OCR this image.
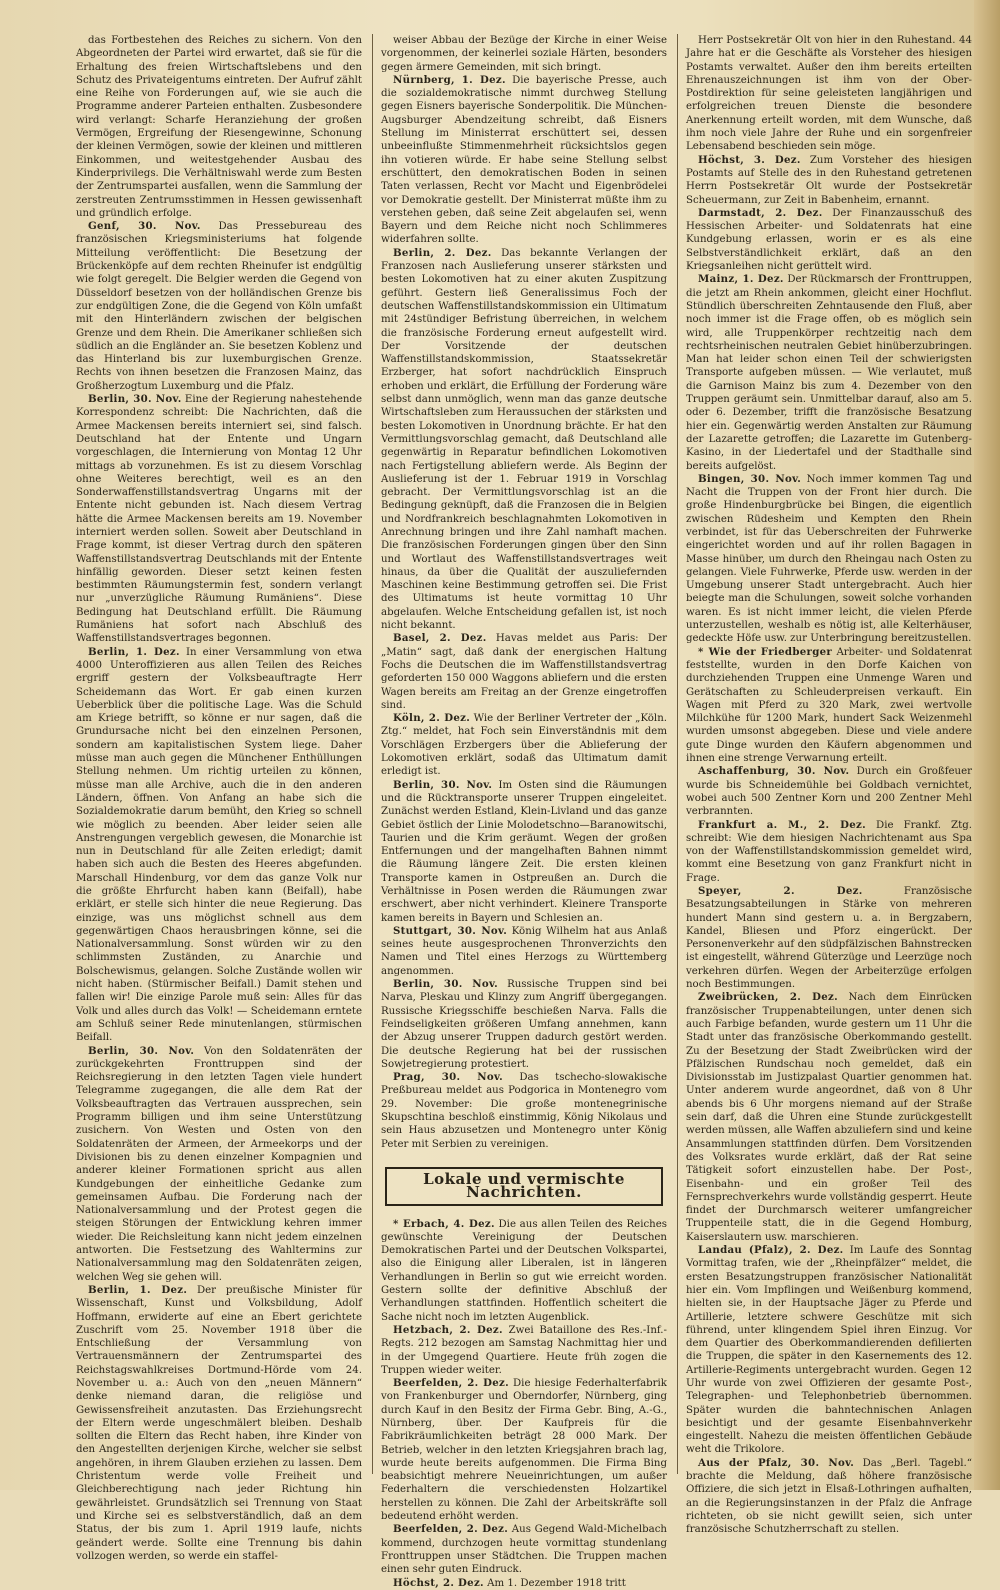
das Fortbestehen des Reiches zu sichern. Von den Abgeordneten der Partei wird erwartet, daß sie für die Erhaltung des freien Wirtschaftslebens und den Schutz des Privateigentums eintreten. Der Aufruf zählt eine Reihe von Forderungen auf, wie sie auch die Programme anderer Parteien enthalten. Zusbesondere wird verlangt: Scharfe Heranziehung der großen Vermögen, Ergreifung der Riesengewinne, Schonung der kleinen Vermögen, sowie der kleinen und mittleren Einkommen, und weitestgehender Ausbau des Kinderprivilegs. Die Verhältniswahl werde zum Besten der Zentrumspartei ausfallen, wenn die Sammlung der zerstreuten Zentrumsstimmen in Hessen gewissenhaft und gründlich erfolge.

Genf, 30. Nov. Das Pressebureau des französischen Kriegsministeriums hat folgende Mitteilung veröffentlicht: Die Besetzung der Brückenköpfe auf dem rechten Rheinufer ist endgültig wie folgt geregelt. Die Belgier werden die Gegend von Düsseldorf besetzen von der holländischen Grenze bis zur endgültigen Zone, die die Gegend von Köln umfaßt mit den Hinterländern zwischen der belgischen Grenze und dem Rhein. Die Amerikaner schließen sich südlich an die Engländer an. Sie besetzen Koblenz und das Hinterland bis zur luxemburgischen Grenze. Rechts von ihnen besetzen die Franzosen Mainz, das Großherzogtum Luxemburg und die Pfalz.

Berlin, 30. Nov. Eine der Regierung nahestehende Korrespondenz schreibt: Die Nachrichten, daß die Armee Mackensen bereits interniert sei, sind falsch. Deutschland hat der Entente und Ungarn vorgeschlagen, die Internierung von Montag 12 Uhr mittags ab vorzunehmen. Es ist zu diesem Vorschlag ohne Weiteres berechtigt, weil es an den Sonderwaffenstillstandsvertrag Ungarns mit der Entente nicht gebunden ist. Nach diesem Vertrag hätte die Armee Mackensen bereits am 19. November interniert werden sollen. Soweit aber Deutschland in Frage kommt, ist dieser Vertrag durch den späteren Waffenstillstandsvertrag Deutschlands mit der Entente hinfällig geworden. Dieser setzt keinen festen bestimmten Räumungstermin fest, sondern verlangt nur „unverzügliche Räumung Rumäniens“. Diese Bedingung hat Deutschland erfüllt. Die Räumung Rumäniens hat sofort nach Abschluß des Waffenstillstandsvertrages begonnen.

Berlin, 1. Dez. In einer Versammlung von etwa 4000 Unteroffizieren aus allen Teilen des Reiches ergriff gestern der Volksbeauftragte Herr Scheidemann das Wort. Er gab einen kurzen Ueberblick über die politische Lage. Was die Schuld am Kriege betrifft, so könne er nur sagen, daß die Grundursache nicht bei den einzelnen Personen, sondern am kapitalistischen System liege. Daher müsse man auch gegen die Münchener Enthüllungen Stellung nehmen. Um richtig urteilen zu können, müsse man alle Archive, auch die in den anderen Ländern, öffnen. Von Anfang an habe sich die Sozialdemokratie darum bemüht, den Krieg so schnell wie möglich zu beenden. Aber leider seien alle Anstrengungen vergeblich gewesen, die Monarchie ist nun in Deutschland für alle Zeiten erledigt; damit haben sich auch die Besten des Heeres abgefunden. Marschall Hindenburg, vor dem das ganze Volk nur die größte Ehrfurcht haben kann (Beifall), habe erklärt, er stelle sich hinter die neue Regierung. Das einzige, was uns möglichst schnell aus dem gegenwärtigen Chaos herausbringen könne, sei die Nationalversammlung. Sonst würden wir zu den schlimmsten Zuständen, zu Anarchie und Bolschewismus, gelangen. Solche Zustände wollen wir nicht haben. (Stürmischer Beifall.) Damit stehen und fallen wir! Die einzige Parole muß sein: Alles für das Volk und alles durch das Volk! — Scheidemann erntete am Schluß seiner Rede minutenlangen, stürmischen Beifall.

Berlin, 30. Nov. Von den Soldatenräten der zurückgekehrten Fronttruppen sind der Reichsregierung in den letzten Tagen viele hundert Telegramme zugegangen, die alle dem Rat der Volksbeauftragten das Vertrauen aussprechen, sein Programm billigen und ihm seine Unterstützung zusichern. Von Westen und Osten von den Soldatenräten der Armeen, der Armeekorps und der Divisionen bis zu denen einzelner Kompagnien und anderer kleiner Formationen spricht aus allen Kundgebungen der einheitliche Gedanke zum gemeinsamen Aufbau. Die Forderung nach der Nationalversammlung und der Protest gegen die steigen Störungen der Entwicklung kehren immer wieder. Die Reichsleitung kann nicht jedem einzelnen antworten. Die Festsetzung des Wahltermins zur Nationalversammlung mag den Soldatenräten zeigen, welchen Weg sie gehen will.

Berlin, 1. Dez. Der preußische Minister für Wissenschaft, Kunst und Volksbildung, Adolf Hoffmann, erwiderte auf eine an Ebert gerichtete Zuschrift vom 25. November 1918 über die Entschließung der Versammlung von Vertrauensmännern der Zentrumspartei des Reichstagswahlkreises Dortmund-Hörde vom 24. November u. a.: Auch von den „neuen Männern“ denke niemand daran, die religiöse und Gewissensfreiheit anzutasten. Das Erziehungsrecht der Eltern werde ungeschmälert bleiben. Deshalb sollten die Eltern das Recht haben, ihre Kinder von den Angestellten derjenigen Kirche, welcher sie selbst angehören, in ihrem Glauben erziehen zu lassen. Dem Christentum werde volle Freiheit und Gleichberechtigung nach jeder Richtung hin gewährleistet. Grundsätzlich sei Trennung von Staat und Kirche sei es selbstverständlich, daß an dem Status, der bis zum 1. April 1919 laufe, nichts geändert werde. Sollte eine Trennung bis dahin vollzogen werden, so werde ein staffel-

weiser Abbau der Bezüge der Kirche in einer Weise vorgenommen, der keinerlei soziale Härten, besonders gegen ärmere Gemeinden, mit sich bringt.

Nürnberg, 1. Dez. Die bayerische Presse, auch die sozialdemokratische nimmt durchweg Stellung gegen Eisners bayerische Sonderpolitik. Die München-Augsburger Abendzeitung schreibt, daß Eisners Stellung im Ministerrat erschüttert sei, dessen unbeeinflußte Stimmenmehrheit rücksichtslos gegen ihn votieren würde. Er habe seine Stellung selbst erschüttert, den demokratischen Boden in seinen Taten verlassen, Recht vor Macht und Eigenbrödelei vor Demokratie gestellt. Der Ministerrat müßte ihm zu verstehen geben, daß seine Zeit abgelaufen sei, wenn Bayern und dem Reiche nicht noch Schlimmeres widerfahren sollte.

Berlin, 2. Dez. Das bekannte Verlangen der Franzosen nach Auslieferung unserer stärksten und besten Lokomotiven hat zu einer akuten Zuspitzung geführt. Gestern ließ Generalissimus Foch der deutschen Waffenstillstandskommission ein Ultimatum mit 24stündiger Befristung überreichen, in welchem die französische Forderung erneut aufgestellt wird. Der Vorsitzende der deutschen Waffenstillstandskommission, Staatssekretär Erzberger, hat sofort nachdrücklich Einspruch erhoben und erklärt, die Erfüllung der Forderung wäre selbst dann unmöglich, wenn man das ganze deutsche Wirtschaftsleben zum Heraussuchen der stärksten und besten Lokomotiven in Unordnung brächte. Er hat den Vermittlungsvorschlag gemacht, daß Deutschland alle gegenwärtig in Reparatur befindlichen Lokomotiven nach Fertigstellung abliefern werde. Als Beginn der Auslieferung ist der 1. Februar 1919 in Vorschlag gebracht. Der Vermittlungsvorschlag ist an die Bedingung geknüpft, daß die Franzosen die in Belgien und Nordfrankreich beschlagnahmten Lokomotiven in Anrechnung bringen und ihre Zahl namhaft machen. Die französischen Forderungen gingen über den Sinn und Wortlaut des Waffenstillstandsvertrages weit hinaus, da über die Qualität der auszuliefernden Maschinen keine Bestimmung getroffen sei. Die Frist des Ultimatums ist heute vormittag 10 Uhr abgelaufen. Welche Entscheidung gefallen ist, ist noch nicht bekannt.

Basel, 2. Dez. Havas meldet aus Paris: Der „Matin“ sagt, daß dank der energischen Haltung Fochs die Deutschen die im Waffenstillstandsvertrag geforderten 150 000 Waggons abliefern und die ersten Wagen bereits am Freitag an der Grenze eingetroffen sind.

Köln, 2. Dez. Wie der Berliner Vertreter der „Köln. Ztg.“ meldet, hat Foch sein Einverständnis mit dem Vorschlägen Erzbergers über die Ablieferung der Lokomotiven erklärt, sodaß das Ultimatum damit erledigt ist.

Berlin, 30. Nov. Im Osten sind die Räumungen und die Rücktransporte unserer Truppen eingeleitet. Zunächst werden Estland, Klein-Livland und das ganze Gebiet östlich der Linie Molodetschno—Baranowitschi, Taurien und die Krim geräumt. Wegen der großen Entfernungen und der mangelhaften Bahnen nimmt die Räumung längere Zeit. Die ersten kleinen Transporte kamen in Ostpreußen an. Durch die Verhältnisse in Posen werden die Räumungen zwar erschwert, aber nicht verhindert. Kleinere Transporte kamen bereits in Bayern und Schlesien an.

Stuttgart, 30. Nov. König Wilhelm hat aus Anlaß seines heute ausgesprochenen Thronverzichts den Namen und Titel eines Herzogs zu Württemberg angenommen.

Berlin, 30. Nov. Russische Truppen sind bei Narva, Pleskau und Klinzy zum Angriff übergegangen. Russische Kriegsschiffe beschießen Narva. Falls die Feindseligkeiten größeren Umfang annehmen, kann der Abzug unserer Truppen dadurch gestört werden. Die deutsche Regierung hat bei der russischen Sowjetregierung protestiert.

Prag, 30. Nov. Das tschecho-slowakische Preßbureau meldet aus Podgorica in Montenegro vom 29. November: Die große montenegrinische Skupschtina beschloß einstimmig, König Nikolaus und sein Haus abzusetzen und Montenegro unter König Peter mit Serbien zu vereinigen.

Lokale und vermischte Nachrichten.

* Erbach, 4. Dez. Die aus allen Teilen des Reiches gewünschte Vereinigung der Deutschen Demokratischen Partei und der Deutschen Volkspartei, also die Einigung aller Liberalen, ist in längeren Verhandlungen in Berlin so gut wie erreicht worden. Gestern sollte der definitive Abschluß der Verhandlungen stattfinden. Hoffentlich scheitert die Sache nicht noch im letzten Augenblick.

Hetzbach, 2. Dez. Zwei Bataillone des Res.-Inf.-Regts. 212 bezogen am Samstag Nachmittag hier und in der Umgegend Quartiere. Heute früh zogen die Truppen wieder weiter.

Beerfelden, 2. Dez. Die hiesige Federhalterfabrik von Frankenburger und Oberndorfer, Nürnberg, ging durch Kauf in den Besitz der Firma Gebr. Bing, A.-G., Nürnberg, über. Der Kaufpreis für die Fabrikräumlichkeiten beträgt 28 000 Mark. Der Betrieb, welcher in den letzten Kriegsjahren brach lag, wurde heute bereits aufgenommen. Die Firma Bing beabsichtigt mehrere Neueinrichtungen, um außer Federhaltern die verschiedensten Holzartikel herstellen zu können. Die Zahl der Arbeitskräfte soll bedeutend erhöht werden.

Beerfelden, 2. Dez. Aus Gegend Wald-Michelbach kommend, durchzogen heute vormittag stundenlang Fronttruppen unser Städtchen. Die Truppen machen einen sehr guten Eindruck.

Höchst, 2. Dez. Am 1. Dezember 1918 tritt

Herr Postsekretär Olt von hier in den Ruhestand. 44 Jahre hat er die Geschäfte als Vorsteher des hiesigen Postamts verwaltet. Außer den ihm bereits erteilten Ehrenauszeichnungen ist ihm von der Ober-Postdirektion für seine geleisteten langjährigen und erfolgreichen treuen Dienste die besondere Anerkennung erteilt worden, mit dem Wunsche, daß ihm noch viele Jahre der Ruhe und ein sorgenfreier Lebensabend beschieden sein möge.

Höchst, 3. Dez. Zum Vorsteher des hiesigen Postamts auf Stelle des in den Ruhestand getretenen Herrn Postsekretär Olt wurde der Postsekretär Scheuermann, zur Zeit in Babenheim, ernannt.

Darmstadt, 2. Dez. Der Finanzausschuß des Hessischen Arbeiter- und Soldatenrats hat eine Kundgebung erlassen, worin er es als eine Selbstverständlichkeit erklärt, daß an den Kriegsanleihen nicht gerüttelt wird.

Mainz, 1. Dez. Der Rückmarsch der Fronttruppen, die jetzt am Rhein ankommen, gleicht einer Hochflut. Stündlich überschreiten Zehntausende den Fluß, aber noch immer ist die Frage offen, ob es möglich sein wird, alle Truppenkörper rechtzeitig nach dem rechtsrheinischen neutralen Gebiet hinüberzubringen. Man hat leider schon einen Teil der schwierigsten Transporte aufgeben müssen. — Wie verlautet, muß die Garnison Mainz bis zum 4. Dezember von den Truppen geräumt sein. Unmittelbar darauf, also am 5. oder 6. Dezember, trifft die französische Besatzung hier ein. Gegenwärtig werden Anstalten zur Räumung der Lazarette getroffen; die Lazarette im Gutenberg-Kasino, in der Liedertafel und der Stadthalle sind bereits aufgelöst.

Bingen, 30. Nov. Noch immer kommen Tag und Nacht die Truppen von der Front hier durch. Die große Hindenburgbrücke bei Bingen, die eigentlich zwischen Rüdesheim und Kempten den Rhein verbindet, ist für das Ueberschreiten der Fuhrwerke eingerichtet worden und auf ihr rollen Bagagen in Masse hinüber, um durch den Rheingau nach Osten zu gelangen. Viele Fuhrwerke, Pferde usw. werden in der Umgebung unserer Stadt untergebracht. Auch hier beiegte man die Schulungen, soweit solche vorhanden waren. Es ist nicht immer leicht, die vielen Pferde unterzustellen, weshalb es nötig ist, alle Kelterhäuser, gedeckte Höfe usw. zur Unterbringung bereitzustellen.

* Wie der Friedberger Arbeiter- und Soldatenrat feststellte, wurden in den Dorfe Kaichen von durchziehenden Truppen eine Unmenge Waren und Gerätschaften zu Schleuderpreisen verkauft. Ein Wagen mit Pferd zu 320 Mark, zwei wertvolle Milchkühe für 1200 Mark, hundert Sack Weizenmehl wurden umsonst abgegeben. Diese und viele andere gute Dinge wurden den Käufern abgenommen und ihnen eine strenge Verwarnung erteilt.

Aschaffenburg, 30. Nov. Durch ein Großfeuer wurde bis Schneidemühle bei Goldbach vernichtet, wobei auch 500 Zentner Korn und 200 Zentner Mehl verbrannten.

Frankfurt a. M., 2. Dez. Die Frankf. Ztg. schreibt: Wie dem hiesigen Nachrichtenamt aus Spa von der Waffenstillstandskommission gemeldet wird, kommt eine Besetzung von ganz Frankfurt nicht in Frage.

Speyer, 2. Dez.	Französische Besatzungsabteilungen in Stärke von mehreren hundert Mann sind gestern u. a. in Bergzabern, Kandel, Bliesen und Pforz eingerückt. Der Personenverkehr auf den südpfälzischen Bahnstrecken ist eingestellt, während Güterzüge und Leerzüge noch verkehren dürfen. Wegen der Arbeiterzüge erfolgen noch Bestimmungen.

Zweibrücken, 2. Dez. Nach dem Einrücken französischer Truppenabteilungen, unter denen sich auch Farbige befanden, wurde gestern um 11 Uhr die Stadt unter das französische Oberkommando gestellt. Zu der Besetzung der Stadt Zweibrücken wird der Pfälzischen Rundschau noch gemeldet, daß ein Divisionsstab im Justizpalast Quartier genommen hat. Unter anderem wurde angeordnet, daß von 8 Uhr abends bis 6 Uhr morgens niemand auf der Straße sein darf, daß die Uhren eine Stunde zurückgestellt werden müssen, alle Waffen abzuliefern sind und keine Ansammlungen stattfinden dürfen. Dem Vorsitzenden des Volksrates wurde erklärt, daß der Rat seine Tätigkeit sofort einzustellen habe. Der Post-, Eisenbahn- und ein großer Teil des Fernsprechverkehrs wurde vollständig gesperrt. Heute findet der Durchmarsch weiterer umfangreicher Truppenteile statt, die in die Gegend Homburg, Kaiserslautern usw. marschieren.

Landau (Pfalz), 2. Dez. Im Laufe des Sonntag Vormittag trafen, wie der „Rheinpfälzer“ meldet, die ersten Besatzungstruppen französischer Nationalität hier ein. Vom Impflingen und Weißenburg kommend, hielten sie, in der Hauptsache Jäger zu Pferde und Artillerie, letztere schwere Geschütze mit sich führend, unter klingendem Spiel ihren Einzug. Vor dem Quartier des Oberkommandierenden defilierten die Truppen, die später in den Kasernements des 12. Artillerie-Regiments untergebracht wurden. Gegen 12 Uhr wurde von zwei Offizieren der gesamte Post-, Telegraphen- und Telephonbetrieb übernommen. Später wurden die bahntechnischen Anlagen besichtigt und der gesamte Eisenbahnverkehr eingestellt. Nahezu die meisten öffentlichen Gebäude weht die Trikolore.

Aus der Pfalz, 30. Nov. Das „Berl. Tagebl.“ brachte die Meldung, daß höhere französische Offiziere, die sich jetzt in Elsaß-Lothringen aufhalten, an die Regierungsinstanzen in der Pfalz die Anfrage richteten, ob sie nicht gewillt seien, sich unter französische Schutzherrschaft zu stellen.
